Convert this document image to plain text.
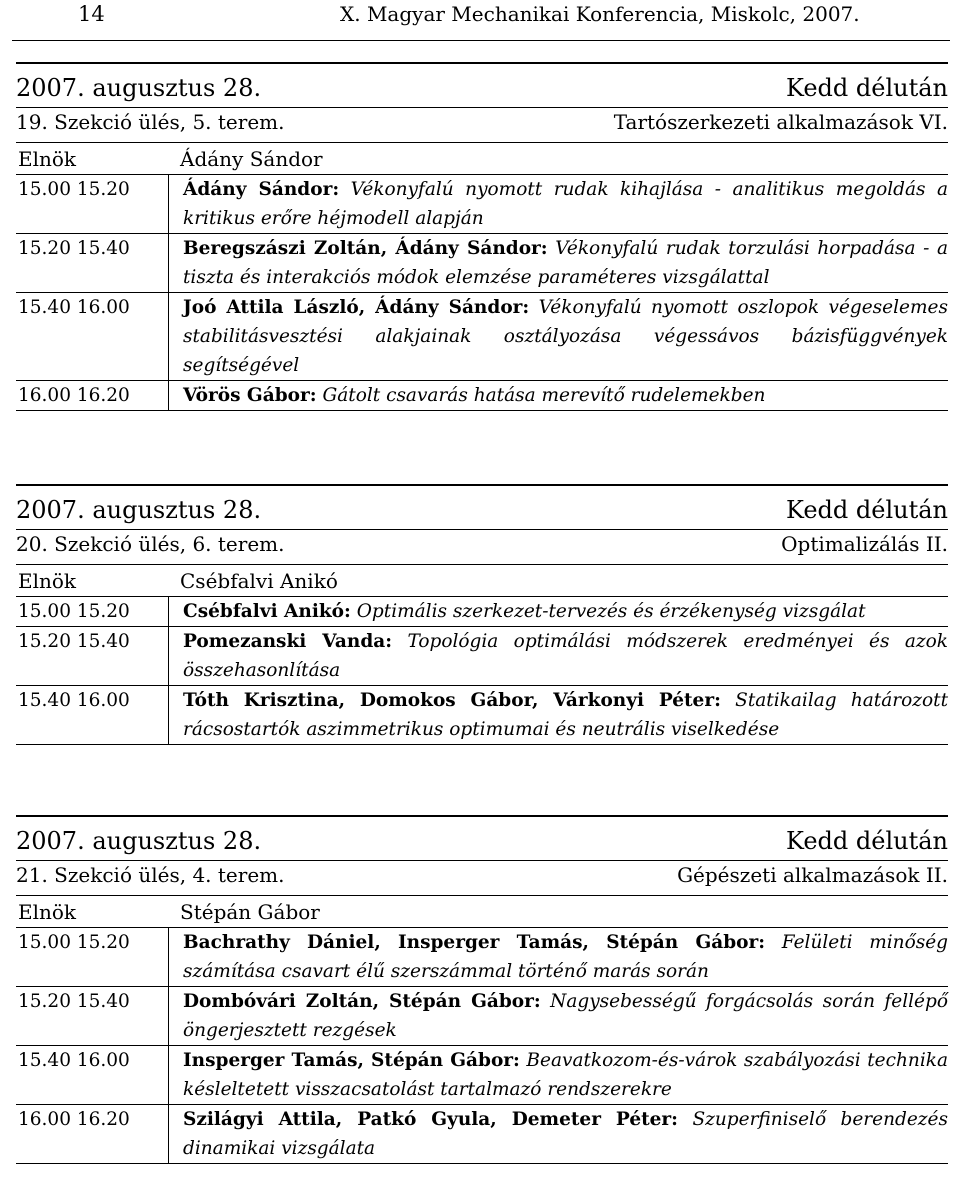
14	X. Magyar Mechanikai Konferencia, Miskolc, 2007.
2007. augusztus 28.	Kedd délután
19. Szekció ülés, 5. terem.	Tartószerkezeti alkalmazások VI.
Elnök	Ádány Sándor
15.00 15.20	Ádány Sándor: Vékonyfalú nyomott rudak kihajlása - analitikus megoldás a kritikus erőre héjmodell alapján
15.20 15.40	Beregszászi Zoltán, Ádány Sándor: Vékonyfalú rudak torzulási horpadása - a tiszta és interakciós módok elemzése paraméteres vizsgálattal
15.40 16.00	Joó Attila László, Ádány Sándor: Vékonyfalú nyomott oszlopok végeselemes stabilitásvesztési alakjainak osztályozása végessávos bázisfüggvények segítségével
16.00 16.20	Vörös Gábor: Gátolt csavarás hatása merevítő rudelemekben
2007. augusztus 28.	Kedd délután
20. Szekció ülés, 6. terem.	Optimalizálás II.
Elnök	Csébfalvi Anikó
15.00 15.20	Csébfalvi Anikó: Optimális szerkezet-tervezés és érzékenység vizsgálat
15.20 15.40	Pomezanski Vanda: Topológia optimálási módszerek eredményei és azok összehasonlítása
15.40 16.00	Tóth Krisztina, Domokos Gábor, Várkonyi Péter: Statikailag határozott rácsostartók aszimmetrikus optimumai és neutrális viselkedése
2007. augusztus 28.	Kedd délután
21. Szekció ülés, 4. terem.	Gépészeti alkalmazások II.
Elnök	Stépán Gábor
15.00 15.20	Bachrathy Dániel, Insperger Tamás, Stépán Gábor: Felületi minőség számítása csavart élű szerszámmal történő marás során
15.20 15.40	Dombóvári Zoltán, Stépán Gábor: Nagysebességű forgácsolás során fellépő öngerjesztett rezgések
15.40 16.00	Insperger Tamás, Stépán Gábor: Beavatkozom-és-várok szabályozási technika késleltetett visszacsatolást tartalmazó rendszerekre
16.00 16.20	Szilágyi Attila, Patkó Gyula, Demeter Péter: Szuperfiniselő berendezés dinamikai vizsgálata
